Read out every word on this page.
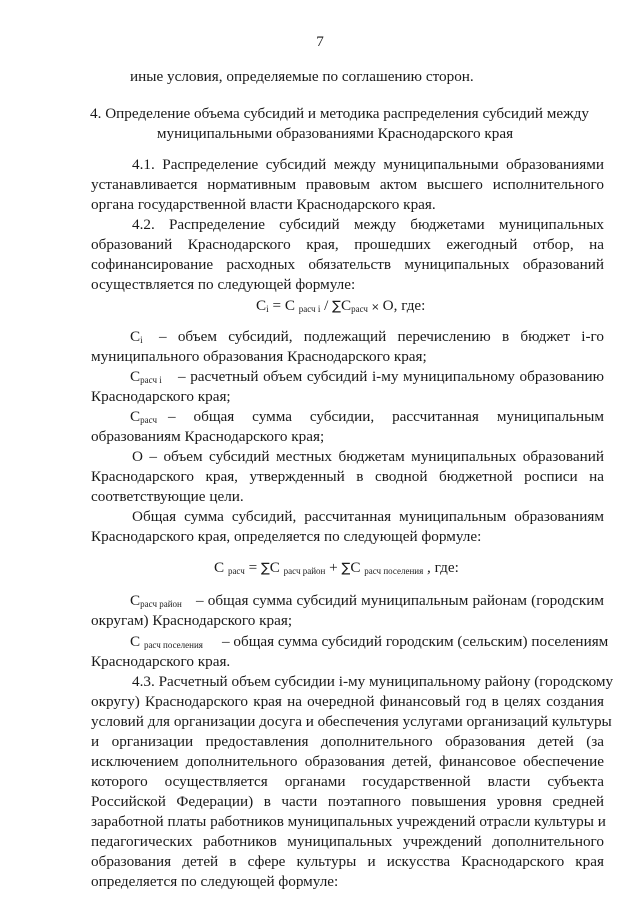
7
иные условия, определяемые по соглашению сторон.
4. Определение объема субсидий и методика распределения субсидий между
муниципальными образованиями Краснодарского края
4.1. Распределение субсидий между муниципальными образованиями
устанавливается нормативным правовым актом высшего исполнительного
органа государственной власти Краснодарского края.
4.2. Распределение субсидий между бюджетами муниципальных
образований Краснодарского края, прошедших ежегодный отбор, на
софинансирование расходных обязательств муниципальных образований
осуществляется по следующей формуле:
$C_i = С$ $_{расч i} / \sum С_{расч} \times О$, где:
$С_i$ – объем субсидий, подлежащий перечислению в бюджет i-го
муниципального образования Краснодарского края;
$С_{расч i}$ – расчетный объем субсидий i-му муниципальному образованию
Краснодарского края;
$С_{расч}$ – общая сумма субсидии, рассчитанная муниципальным
образованиям Краснодарского края;
О – объем субсидий местных бюджетам муниципальных образований
Краснодарского края, утвержденный в сводной бюджетной росписи на
соответствующие цели.
Общая сумма субсидий, рассчитанная муниципальным образованиям
Краснодарского края, определяется по следующей формуле:
С $_{расч}$ = ∑С $_{расч район}$ + ∑С $_{расч поселения}$ , где:
$С_{расч район}$ – общая сумма субсидий муниципальным районам (городским
округам) Краснодарского края;
С $_{расч поселения}$ – общая сумма субсидий городским (сельским) поселениям
Краснодарского края.
4.3. Расчетный объем субсидии i-му муниципальному району (городскому
округу) Краснодарского края на очередной финансовый год в целях создания
условий для организации досуга и обеспечения услугами организаций культуры
и организации предоставления дополнительного образования детей (за
исключением дополнительного образования детей, финансовое обеспечение
которого осуществляется органами государственной власти субъекта
Российской Федерации) в части поэтапного повышения уровня средней
заработной платы работников муниципальных учреждений отрасли культуры и
педагогических работников муниципальных учреждений дополнительного
образования детей в сфере культуры и искусства Краснодарского края
определяется по следующей формуле:
